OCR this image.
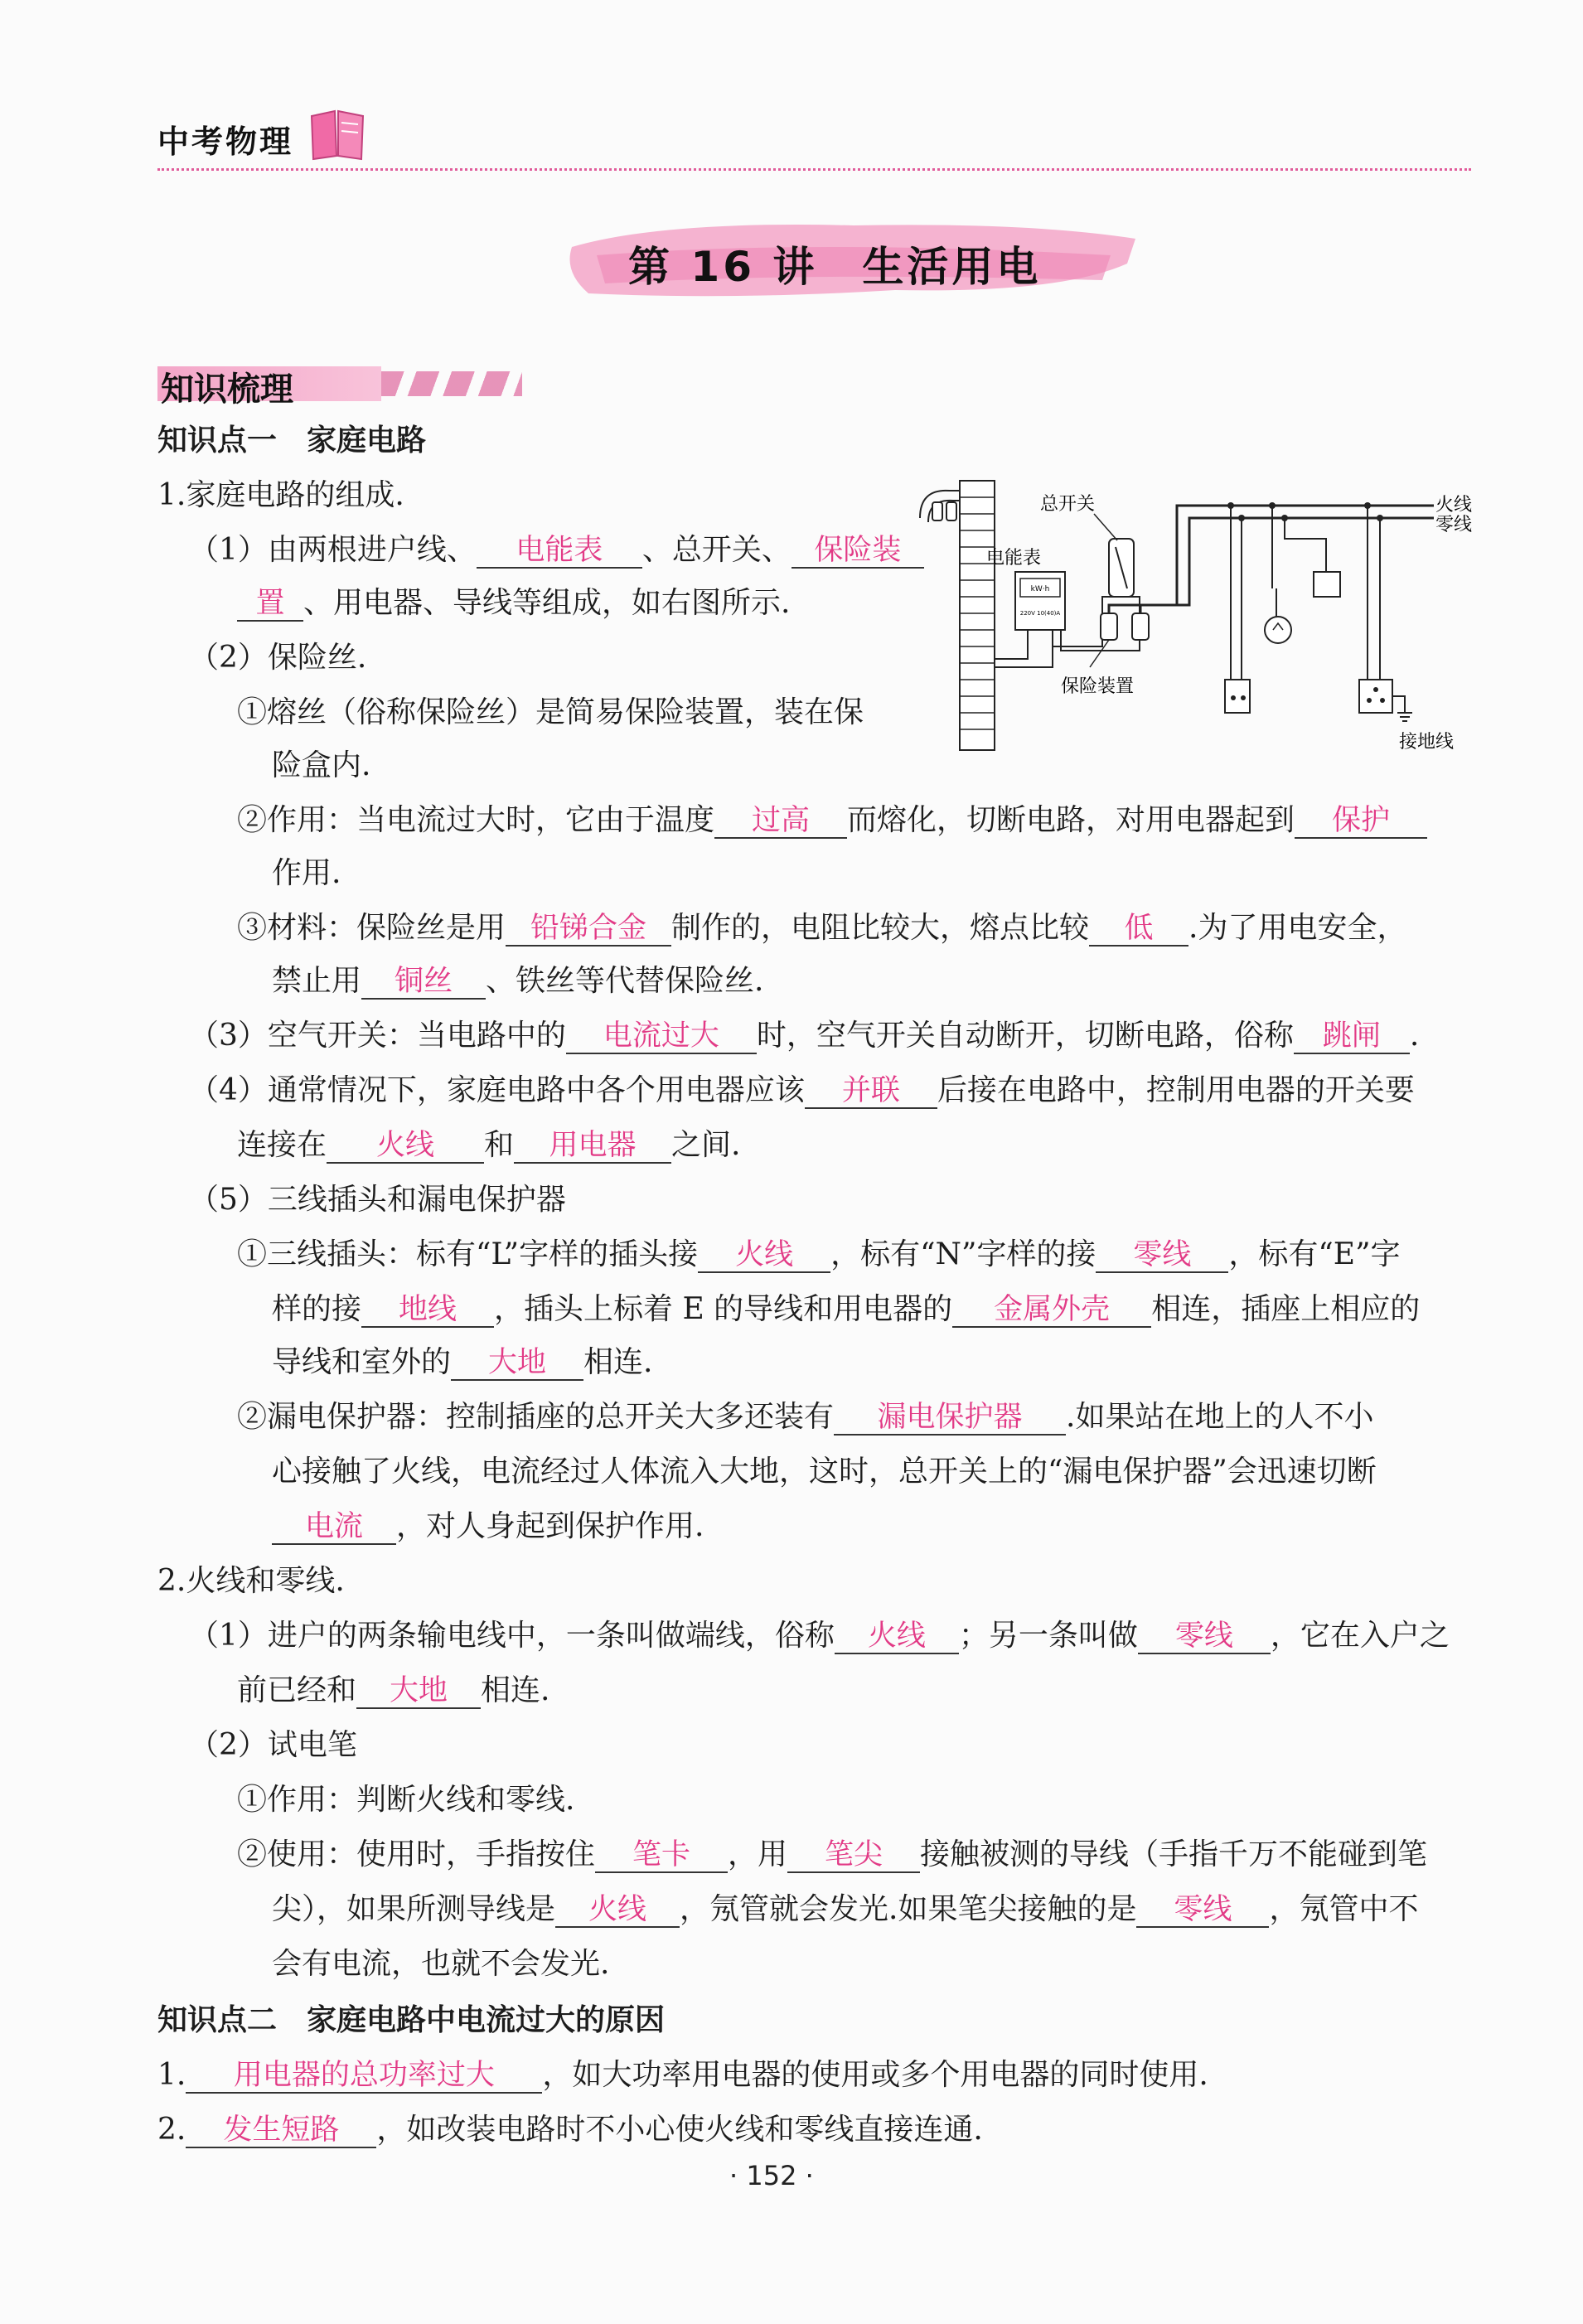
中考物理
第 16 讲　生活用电
知识梳理
知识点一　家庭电路
1.家庭电路的组成.
（1）由两根进户线、 电能表 、总开关、 保险装
置 、用电器、导线等组成，如右图所示.
（2）保险丝.
①熔丝（俗称保险丝）是简易保险装置，装在保
险盒内.
②作用：当电流过大时，它由于温度 过高 而熔化，切断电路，对用电器起到 保护
作用.
③材料：保险丝是用 铅锑合金 制作的，电阻比较大，熔点比较 低 .为了用电安全，
禁止用 铜丝 、铁丝等代替保险丝.
（3）空气开关：当电路中的 电流过大 时，空气开关自动断开，切断电路，俗称 跳闸 .
（4）通常情况下，家庭电路中各个用电器应该 并联 后接在电路中，控制用电器的开关要
连接在 火线 和 用电器 之间.
（5）三线插头和漏电保护器
①三线插头：标有“L”字样的插头接 火线 ，标有“N”字样的接 零线 ，标有“E”字
样的接 地线 ，插头上标着 E 的导线和用电器的 金属外壳 相连，插座上相应的
导线和室外的 大地 相连.
②漏电保护器：控制插座的总开关大多还装有 漏电保护器 .如果站在地上的人不小
心接触了火线，电流经过人体流入大地，这时，总开关上的“漏电保护器”会迅速切断
电流 ，对人身起到保护作用.
2.火线和零线.
（1）进户的两条输电线中，一条叫做端线，俗称 火线 ；另一条叫做 零线 ，它在入户之
前已经和 大地 相连.
（2）试电笔
①作用：判断火线和零线.
②使用：使用时，手指按住 笔卡 ，用 笔尖 接触被测的导线（手指千万不能碰到笔
尖），如果所测导线是 火线 ，氖管就会发光.如果笔尖接触的是 零线 ，氖管中不
会有电流，也就不会发光.
知识点二　家庭电路中电流过大的原因
1. 用电器的总功率过大 ，如大功率用电器的使用或多个用电器的同时使用.
2. 发生短路 ，如改装电路时不小心使火线和零线直接连通.
kW·h
220V 10(40)A
电能表
总开关
保险装置
火线
零线
接地线
· 152 ·
